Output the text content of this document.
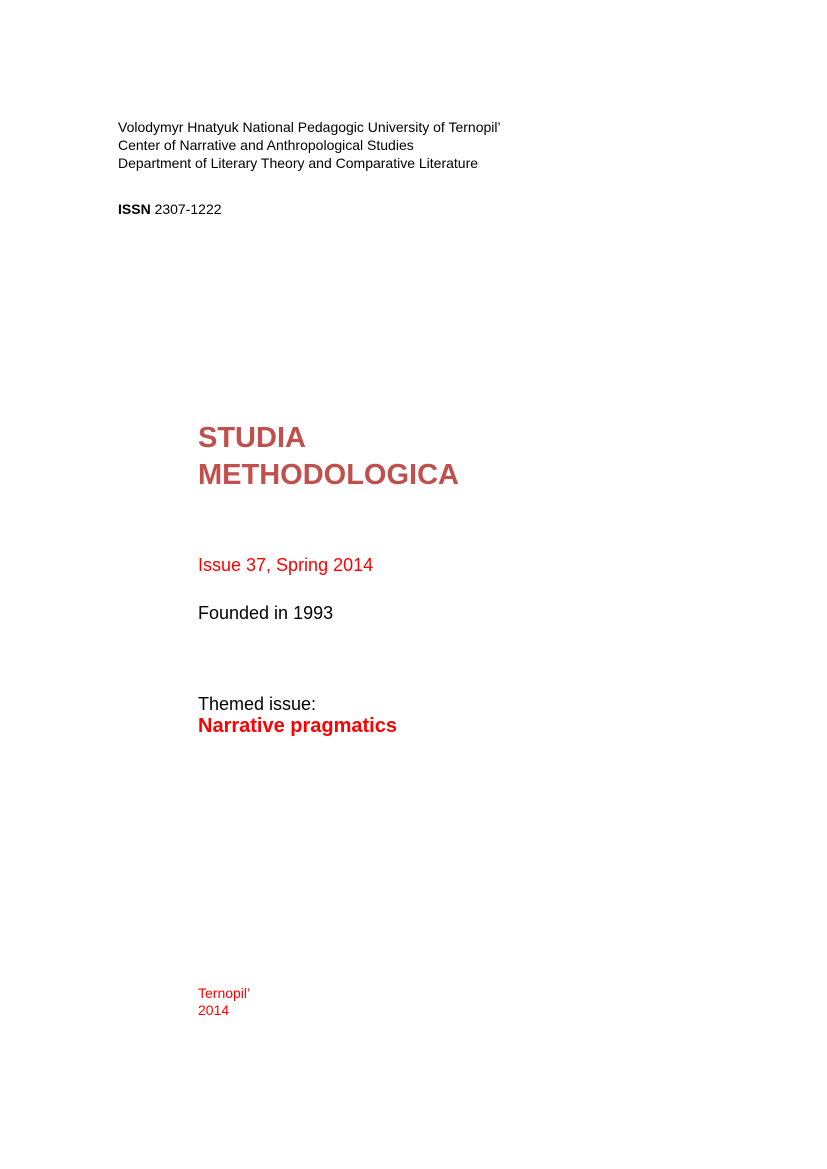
Volodymyr Hnatyuk National Pedagogic University of Ternopil’
Center of Narrative and Anthropological Studies
Department of Literary Theory and Comparative Literature
ISSN 2307-1222
STUDIA
METHODOLOGICA
Issue 37, Spring 2014
Founded in 1993
Themed issue:
Narrative pragmatics
Ternopil’
2014
